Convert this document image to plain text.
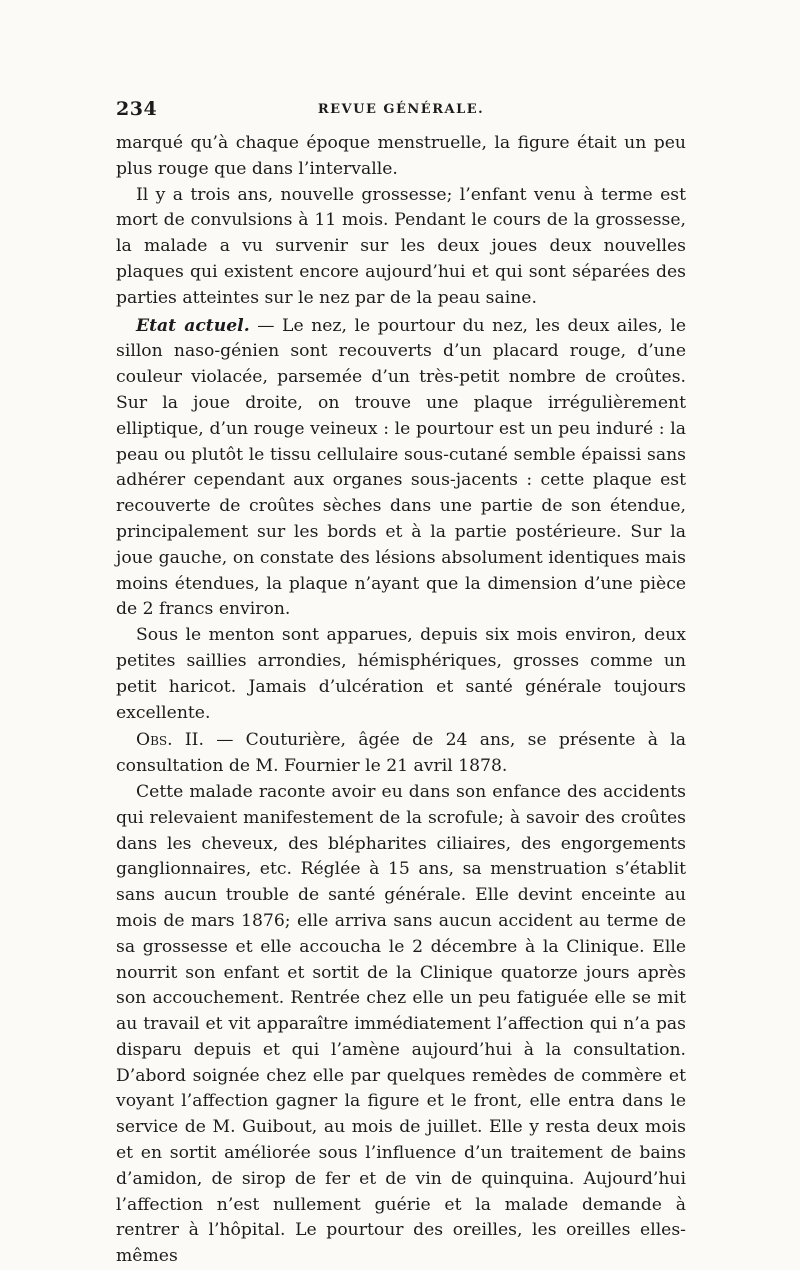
234	REVUE GÉNÉRALE.

marqué qu’à chaque époque menstruelle, la figure était un peu plus rouge que dans l’intervalle.

Il y a trois ans, nouvelle grossesse; l’enfant venu à terme est mort de convulsions à 11 mois. Pendant le cours de la grossesse, la malade a vu survenir sur les deux joues deux nouvelles plaques qui existent encore aujourd’hui et qui sont séparées des parties atteintes sur le nez par de la peau saine.

Etat actuel. — Le nez, le pourtour du nez, les deux ailes, le sillon naso-génien sont recouverts d’un placard rouge, d’une couleur violacée, parsemée d’un très-petit nombre de croûtes. Sur la joue droite, on trouve une plaque irrégulièrement elliptique, d’un rouge veineux : le pourtour est un peu induré : la peau ou plutôt le tissu cellulaire sous-cutané semble épaissi sans adhérer cependant aux organes sous-jacents : cette plaque est recouverte de croûtes sèches dans une partie de son étendue, principalement sur les bords et à la partie postérieure. Sur la joue gauche, on constate des lésions absolument identiques mais moins étendues, la plaque n’ayant que la dimension d’une pièce de 2 francs environ.

Sous le menton sont apparues, depuis six mois environ, deux petites saillies arrondies, hémisphériques, grosses comme un petit haricot. Jamais d’ulcération et santé générale toujours excellente.

Obs. II. — Couturière, âgée de 24 ans, se présente à la consultation de M. Fournier le 21 avril 1878.

Cette malade raconte avoir eu dans son enfance des accidents qui relevaient manifestement de la scrofule; à savoir des croûtes dans les cheveux, des blépharites ciliaires, des engorgements ganglionnaires, etc. Réglée à 15 ans, sa menstruation s’établit sans aucun trouble de santé générale. Elle devint enceinte au mois de mars 1876; elle arriva sans aucun accident au terme de sa grossesse et elle accoucha le 2 décembre à la Clinique. Elle nourrit son enfant et sortit de la Clinique quatorze jours après son accouchement. Rentrée chez elle un peu fatiguée elle se mit au travail et vit apparaître immédiatement l’affection qui n’a pas disparu depuis et qui l’amène aujourd’hui à la consultation. D’abord soignée chez elle par quelques remèdes de commère et voyant l’affection gagner la figure et le front, elle entra dans le service de M. Guibout, au mois de juillet. Elle y resta deux mois et en sortit améliorée sous l’influence d’un traitement de bains d’amidon, de sirop de fer et de vin de quinquina. Aujourd’hui l’affection n’est nullement guérie et la malade demande à rentrer à l’hôpital. Le pourtour des oreilles, les oreilles elles-mêmes
